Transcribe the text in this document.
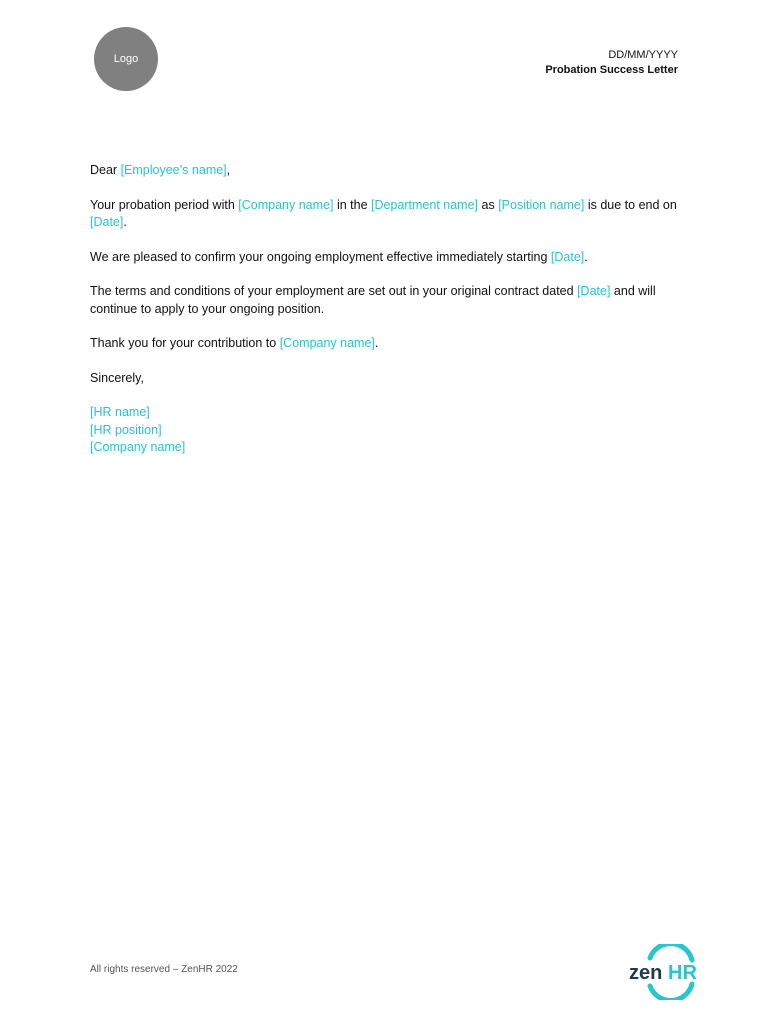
Logo	DD/MM/YYYY
Probation Success Letter

Dear [Employee’s name],

Your probation period with [Company name] in the [Department name] as [Position name] is due to end on [Date].

We are pleased to confirm your ongoing employment effective immediately starting [Date].

The terms and conditions of your employment are set out in your original contract dated [Date] and will continue to apply to your ongoing position.

Thank you for your contribution to [Company name].

Sincerely,

[HR name]

[HR position]

[Company name]

All rights reserved – ZenHR 2022	zen HR
